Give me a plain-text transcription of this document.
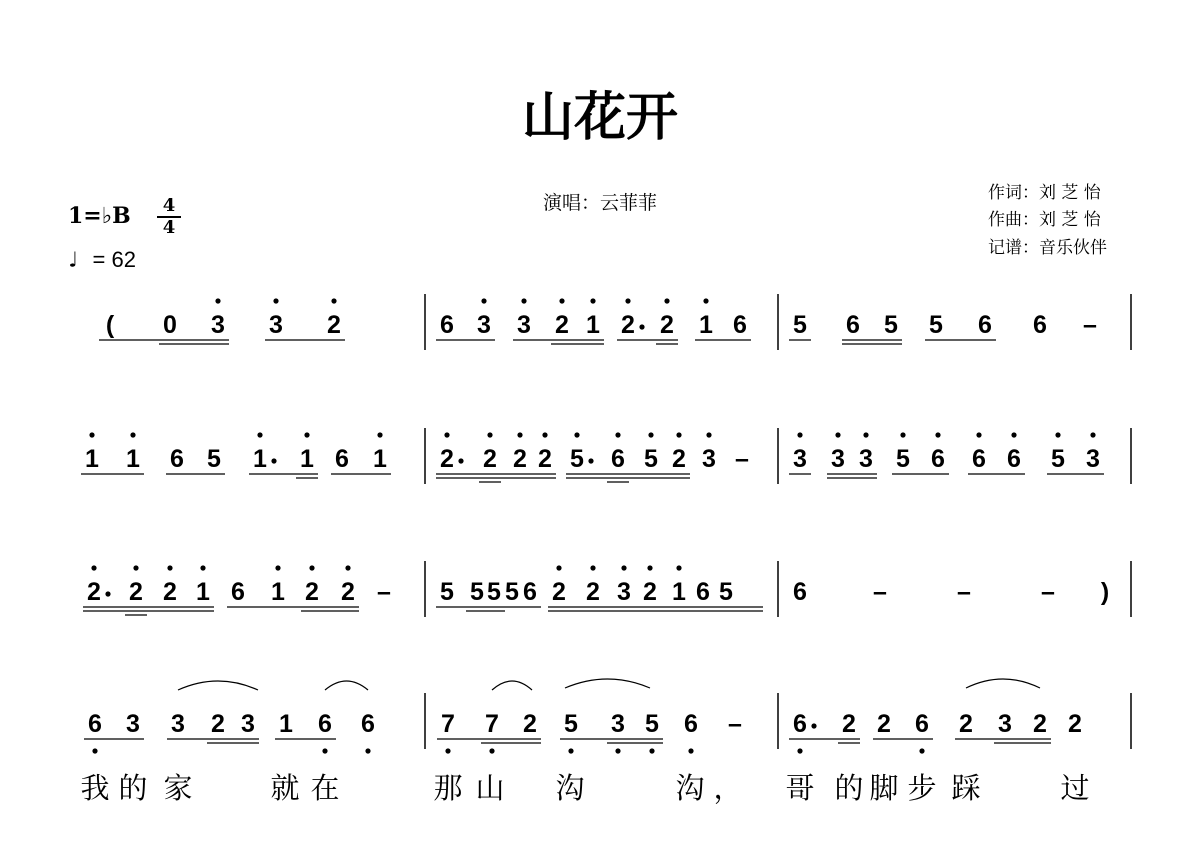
山花开
演唱：云菲菲	作词：刘 芝 怡
作曲：刘 芝 怡
记谱：音乐伙伴
1=♭B	4
4
♩ = 62
( 0 3 3 2	6 3 3 2 1 2 2 1 6 5 6 5 5 6 6 –
1 1 6 5 1 1 6 1 2 2 2 2 5 6 5 2 3 – 3 3 3 5 6 6 6 5 3
2 2 2 1 6 1 2 2 – 5 5 5 5 6 2 2 3 2 1 6 5 6	–	–	– )
6 3 3 2 3 1 6 6	7 7 2 5 3 5 6 – 6 2 2 6 2 3 2 2
我 的 家	就 在	那 山 沟	沟 ， 哥 的 脚 步 踩	过
